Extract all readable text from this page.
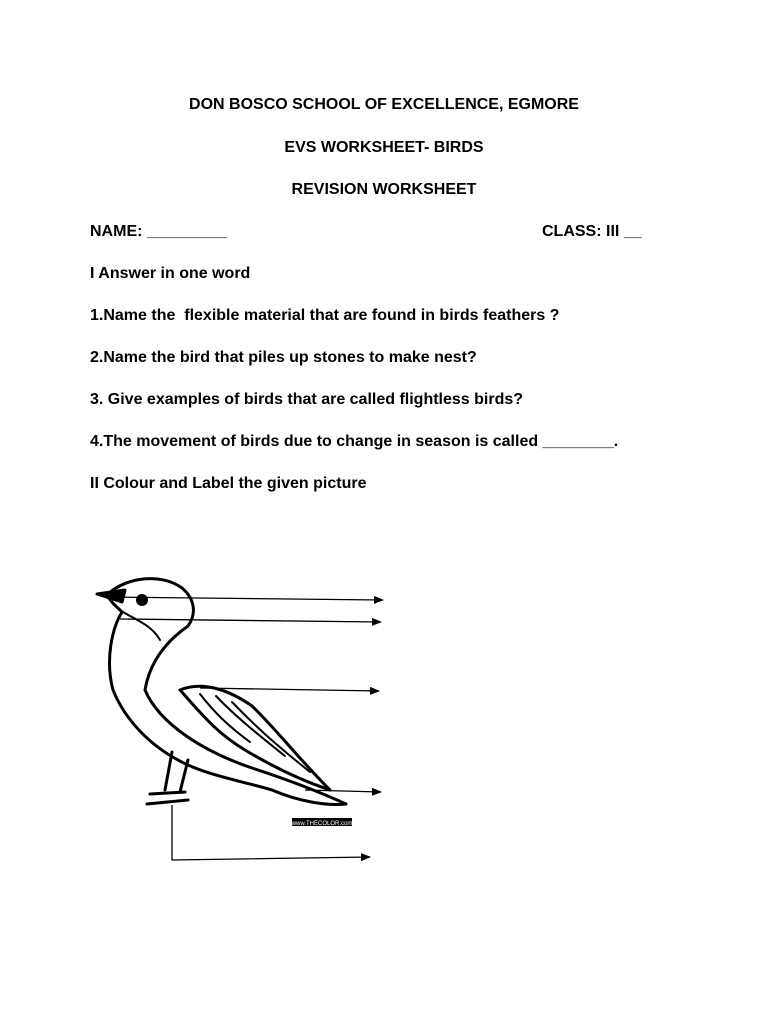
DON BOSCO SCHOOL OF EXCELLENCE, EGMORE
EVS WORKSHEET- BIRDS
REVISION WORKSHEET
NAME: _________	CLASS: III __
I Answer in one word
1.Name the  flexible material that are found in birds feathers ?
2.Name the bird that piles up stones to make nest?
3. Give examples of birds that are called flightless birds?
4.The movement of birds due to change in season is called ________.
II Colour and Label the given picture
www.THECOLOR.com
